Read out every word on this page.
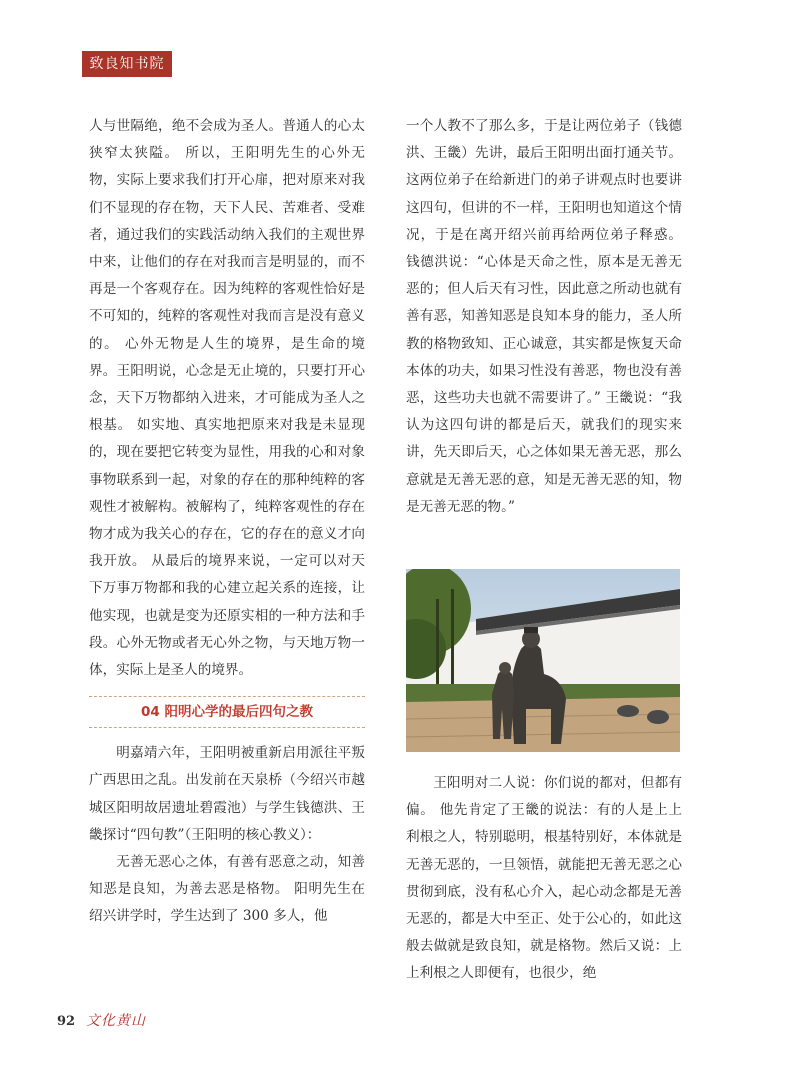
致良知书院

人与世隔绝，绝不会成为圣人。普通人的心太狭窄太狭隘。 所以，王阳明先生的心外无物，实际上要求我们打开心扉，把对原来对我们不显现的存在物，天下人民、苦难者、受难者，通过我们的实践活动纳入我们的主观世界中来，让他们的存在对我而言是明显的，而不再是一个客观存在。因为纯粹的客观性恰好是不可知的，纯粹的客观性对我而言是没有意义的。 心外无物是人生的境界，是生命的境界。王阳明说，心念是无止境的，只要打开心念，天下万物都纳入进来，才可能成为圣人之根基。 如实地、真实地把原来对我是未显现的，现在要把它转变为显性，用我的心和对象事物联系到一起，对象的存在的那种纯粹的客观性才被解构。被解构了，纯粹客观性的存在物才成为我关心的存在，它的存在的意义才向我开放。 从最后的境界来说，一定可以对天下万事万物都和我的心建立起关系的连接，让他实现，也就是变为还原实相的一种方法和手段。心外无物或者无心外之物，与天地万物一体，实际上是圣人的境界。

04 阳明心学的最后四句之教

明嘉靖六年，王阳明被重新启用派往平叛广西思田之乱。出发前在天泉桥（今绍兴市越城区阳明故居遗址碧霞池）与学生钱德洪、王畿探讨“四句教”（王阳明的核心教义）：

无善无恶心之体，有善有恶意之动，知善知恶是良知，为善去恶是格物。 阳明先生在绍兴讲学时，学生达到了 300 多人，他

一个人教不了那么多，于是让两位弟子（钱德洪、王畿）先讲，最后王阳明出面打通关节。 这两位弟子在给新进门的弟子讲观点时也要讲这四句，但讲的不一样，王阳明也知道这个情况，于是在离开绍兴前再给两位弟子释惑。 钱德洪说：“心体是天命之性，原本是无善无恶的；但人后天有习性，因此意之所动也就有善有恶，知善知恶是良知本身的能力，圣人所教的格物致知、正心诚意，其实都是恢复天命本体的功夫，如果习性没有善恶，物也没有善恶，这些功夫也就不需要讲了。” 王畿说：“我认为这四句讲的都是后天，就我们的现实来讲，先天即后天，心之体如果无善无恶，那么意就是无善无恶的意，知是无善无恶的知，物是无善无恶的物。”

王阳明对二人说：你们说的都对，但都有偏。 他先肯定了王畿的说法：有的人是上上利根之人，特别聪明，根基特别好，本体就是无善无恶的，一旦领悟，就能把无善无恶之心贯彻到底，没有私心介入，起心动念都是无善无恶的，都是大中至正、处于公心的，如此这般去做就是致良知，就是格物。然后又说：上上利根之人即便有，也很少，绝

92 文化黄山
